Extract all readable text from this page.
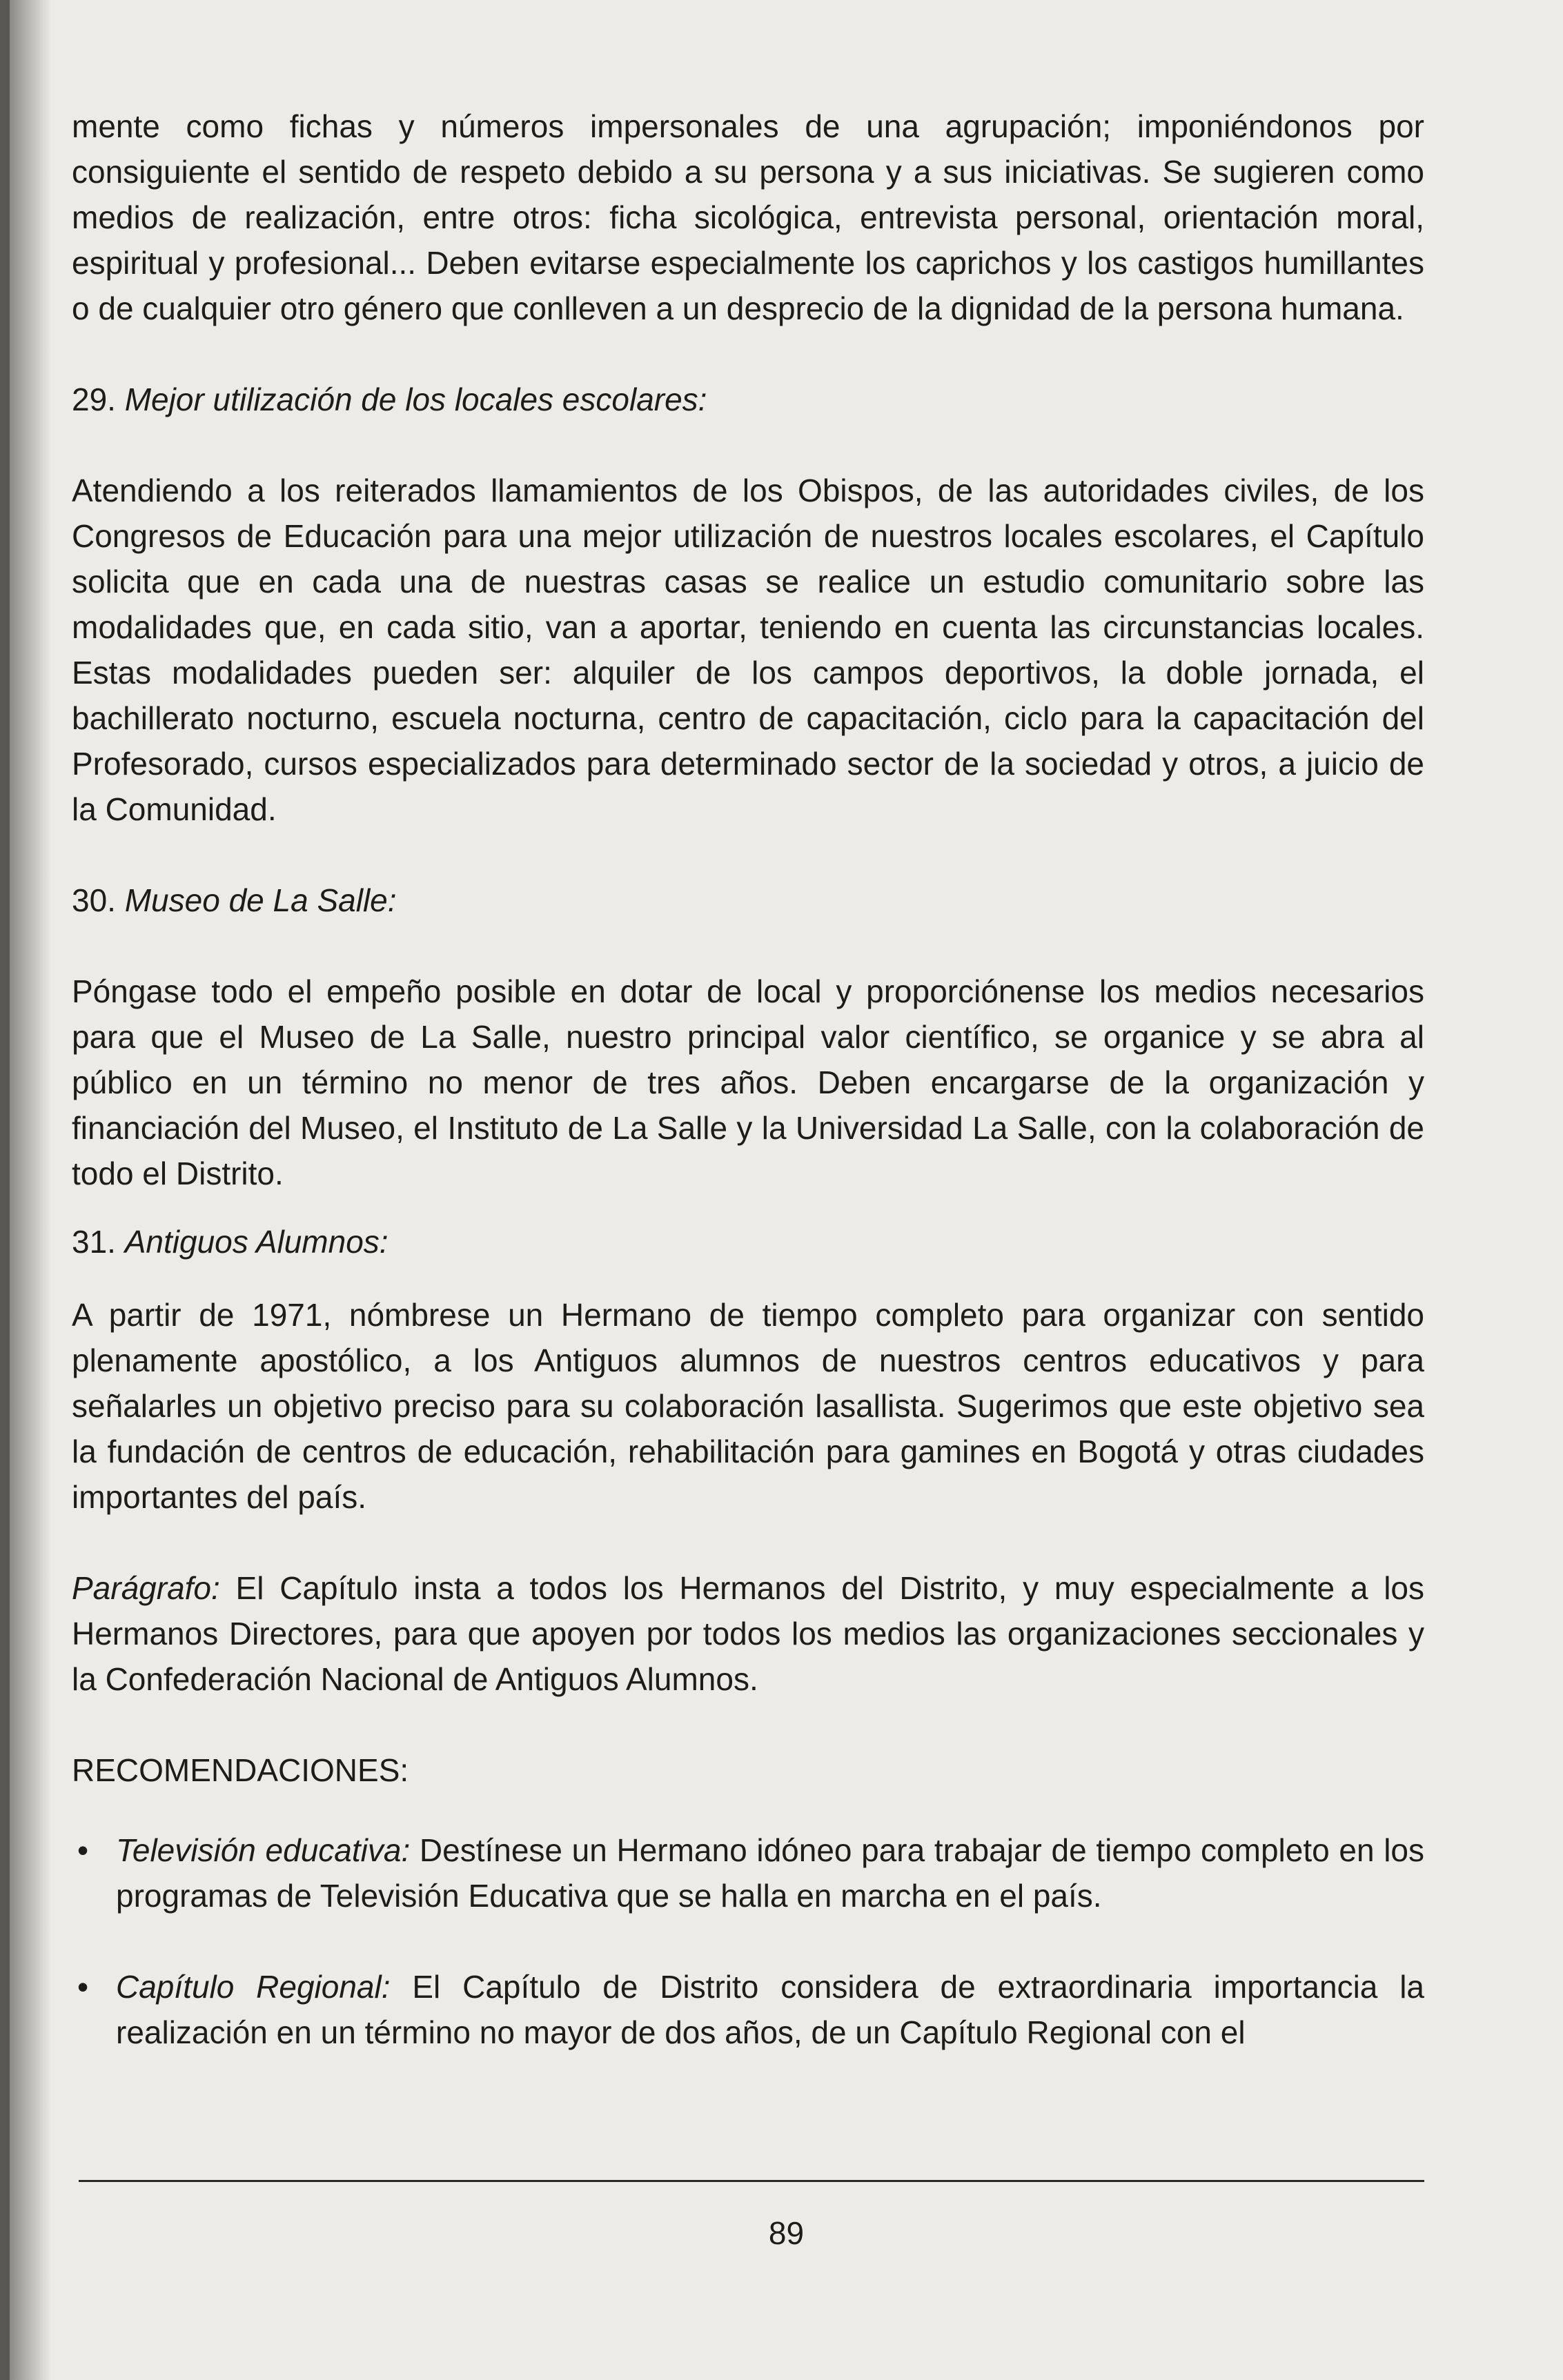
mente como fichas y números impersonales de una agrupación; imponiéndonos por consiguiente el sentido de respeto debido a su persona y a sus iniciativas. Se sugieren como medios de realización, entre otros: ficha sicológica, entrevista personal, orientación moral, espiritual y profesional... Deben evitarse especialmente los caprichos y los castigos humillantes o de cualquier otro género que conlleven a un desprecio de la dignidad de la persona humana.

29. Mejor utilización de los locales escolares:

Atendiendo a los reiterados llamamientos de los Obispos, de las autoridades civiles, de los Congresos de Educación para una mejor utilización de nuestros locales escolares, el Capítulo solicita que en cada una de nuestras casas se realice un estudio comunitario sobre las modalidades que, en cada sitio, van a aportar, teniendo en cuenta las circunstancias locales. Estas modalidades pueden ser: alquiler de los campos deportivos, la doble jornada, el bachillerato nocturno, escuela nocturna, centro de capacitación, ciclo para la capacitación del Profesorado, cursos especializados para determinado sector de la sociedad y otros, a juicio de la Comunidad.

30. Museo de La Salle:

Póngase todo el empeño posible en dotar de local y proporciónense los medios necesarios para que el Museo de La Salle, nuestro principal valor científico, se organice y se abra al público en un término no menor de tres años. Deben encargarse de la organización y financiación del Museo, el Instituto de La Salle y la Universidad La Salle, con la colaboración de todo el Distrito.

31. Antiguos Alumnos:

A partir de 1971, nómbrese un Hermano de tiempo completo para organizar con sentido plenamente apostólico, a los Antiguos alumnos de nuestros centros educativos y para señalarles un objetivo preciso para su colaboración lasallista. Sugerimos que este objetivo sea la fundación de centros de educación, rehabilitación para gamines en Bogotá y otras ciudades importantes del país.

Parágrafo: El Capítulo insta a todos los Hermanos del Distrito, y muy especialmente a los Hermanos Directores, para que apoyen por todos los medios las organizaciones seccionales y la Confederación Nacional de Antiguos Alumnos.

RECOMENDACIONES:

• Televisión educativa: Destínese un Hermano idóneo para trabajar de tiempo completo en los programas de Televisión Educativa que se halla en marcha en el país.
• Capítulo Regional: El Capítulo de Distrito considera de extraordinaria importancia la realización en un término no mayor de dos años, de un Capítulo Regional con el
89
